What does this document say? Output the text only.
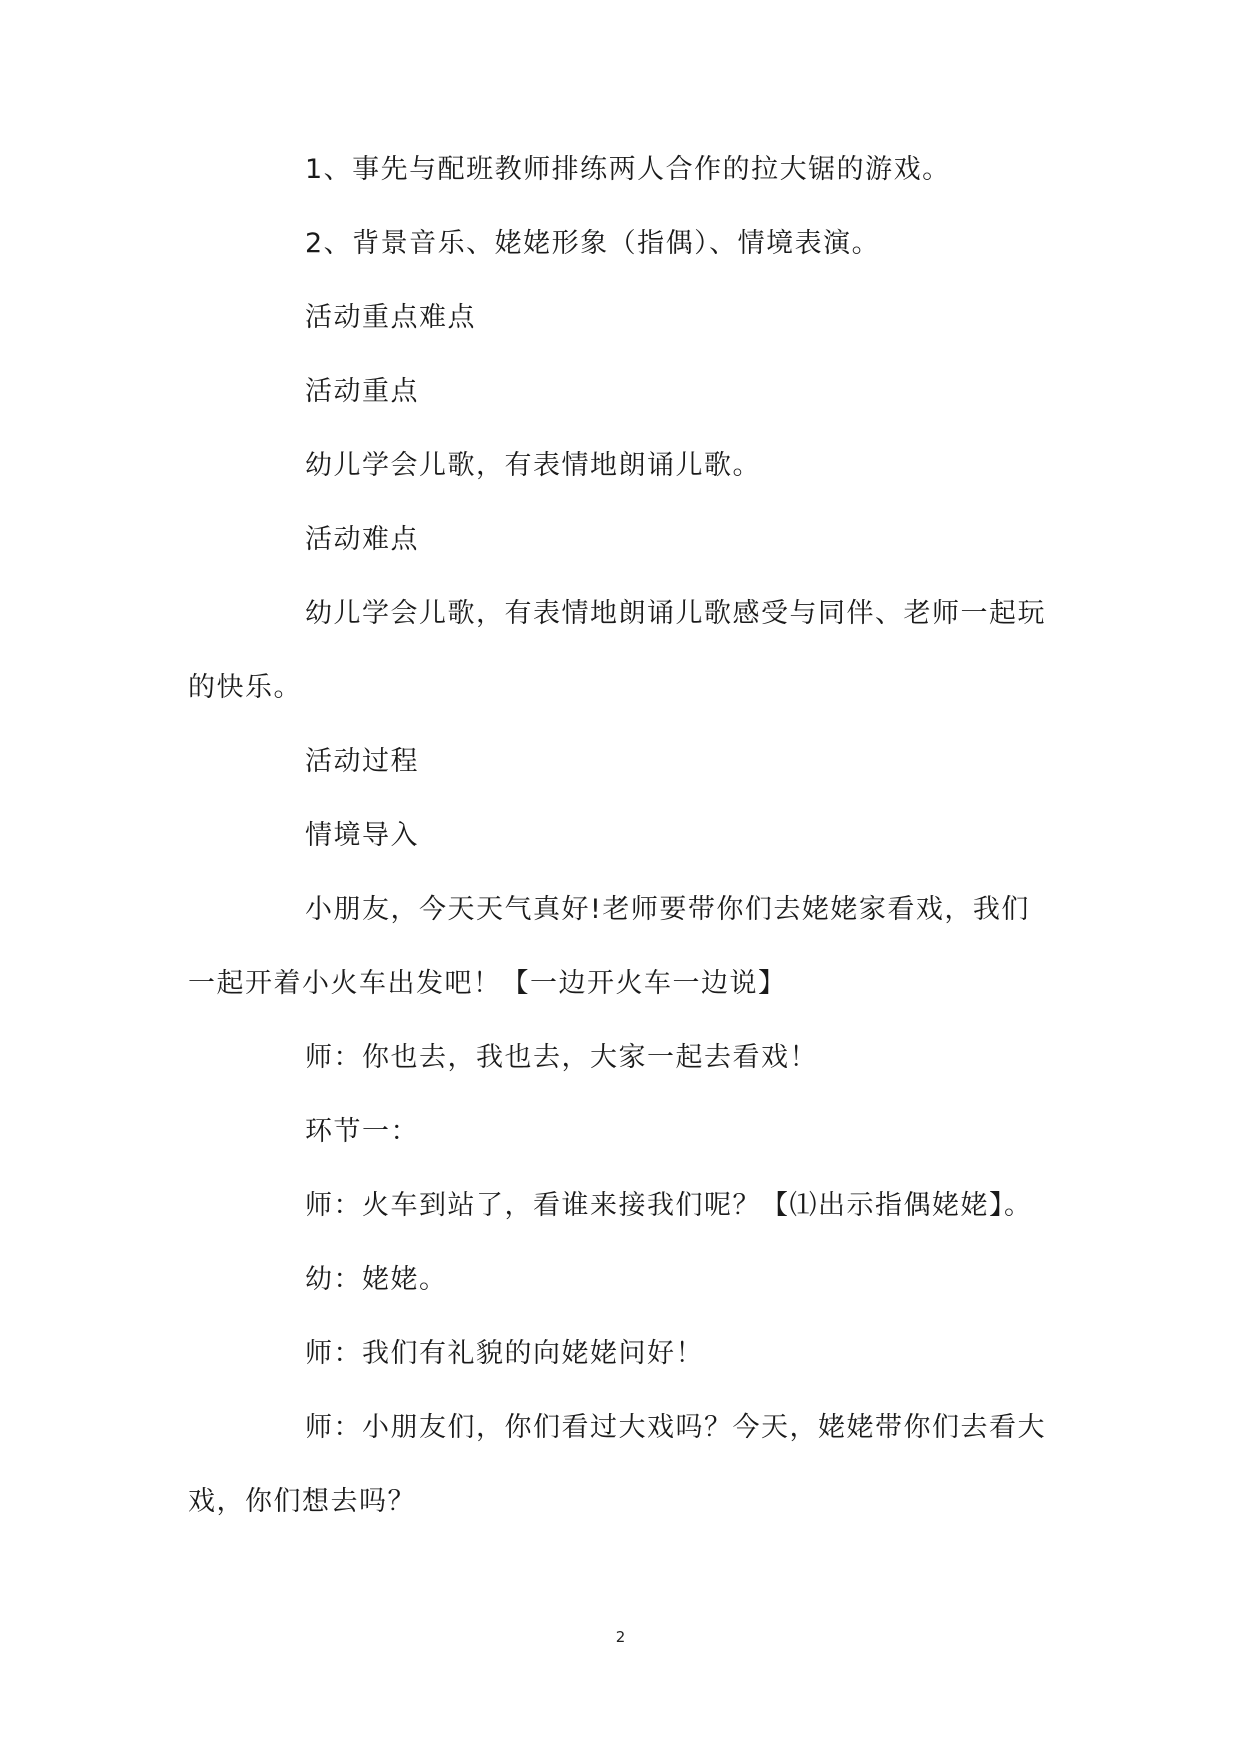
1、事先与配班教师排练两人合作的拉大锯的游戏。

2、背景音乐、姥姥形象（指偶）、情境表演。

活动重点难点

活动重点

幼儿学会儿歌，有表情地朗诵儿歌。

活动难点

幼儿学会儿歌，有表情地朗诵儿歌感受与同伴、老师一起玩的快乐。

活动过程

情境导入

小朋友，今天天气真好!老师要带你们去姥姥家看戏，我们一起开着小火车出发吧！【一边开火车一边说】

师：你也去，我也去，大家一起去看戏！

环节一：

师：火车到站了，看谁来接我们呢？【⑴出示指偶姥姥】。

幼：姥姥。

师：我们有礼貌的向姥姥问好！

师：小朋友们，你们看过大戏吗？今天，姥姥带你们去看大戏，你们想去吗？

2
